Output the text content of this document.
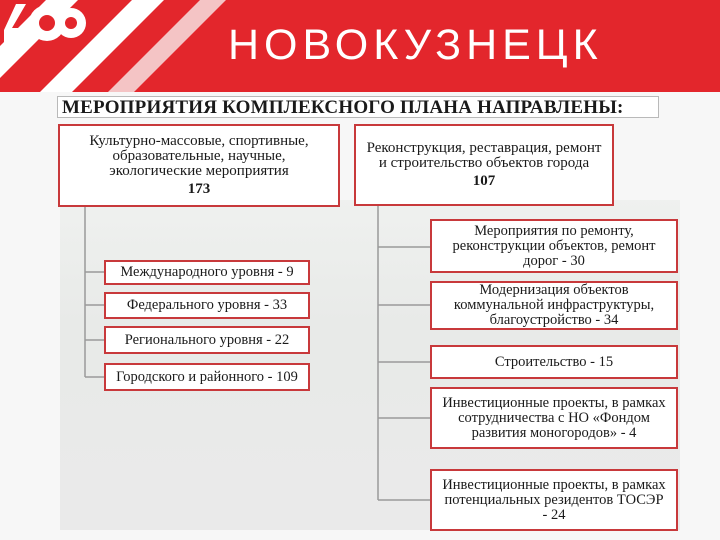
НОВОКУЗНЕЦК
МЕРОПРИЯТИЯ КОМПЛЕКСНОГО ПЛАНА НАПРАВЛЕНЫ:
Культурно-массовые, спортивные,
образовательные, научные,
экологические мероприятия
173
Реконструкция, реставрация, ремонт
и строительство объектов города
107
Международного уровня - 9
Федерального уровня - 33
Регионального уровня - 22
Городского и районного - 109
Мероприятия по ремонту,
реконструкции объектов, ремонт
дорог - 30
Модернизация объектов
коммунальной инфраструктуры,
благоустройство - 34
Строительство - 15
Инвестиционные проекты, в рамках
сотрудничества с НО «Фондом
развития моногородов» - 4
Инвестиционные проекты, в рамках
потенциальных резидентов ТОСЭР
- 24
